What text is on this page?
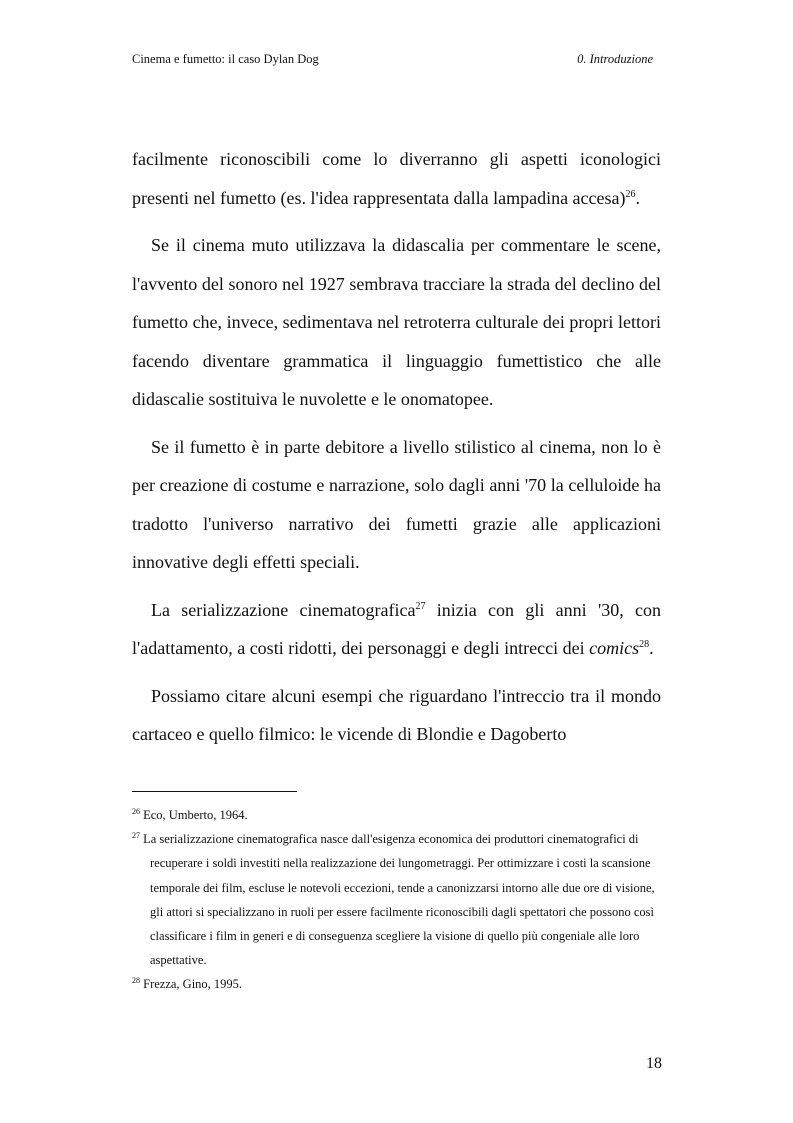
Cinema e fumetto: il caso Dylan Dog	0. Introduzione

facilmente riconoscibili come lo diverranno gli aspetti iconologici presenti nel fumetto (es. l'idea rappresentata dalla lampadina accesa)$^{26}$.

Se il cinema muto utilizzava la didascalia per commentare le scene, l'avvento del sonoro nel 1927 sembrava tracciare la strada del declino del fumetto che, invece, sedimentava nel retroterra culturale dei propri lettori facendo diventare grammatica il linguaggio fumettistico che alle didascalie sostituiva le nuvolette e le onomatopee.

Se il fumetto è in parte debitore a livello stilistico al cinema, non lo è per creazione di costume e narrazione, solo dagli anni '70 la celluloide ha tradotto l'universo narrativo dei fumetti grazie alle applicazioni innovative degli effetti speciali.

La serializzazione cinematografica$^{27}$ inizia con gli anni '30, con l'adattamento, a costi ridotti, dei personaggi e degli intrecci dei comics$^{28}$.

Possiamo citare alcuni esempi che riguardano l'intreccio tra il mondo cartaceo e quello filmico: le vicende di Blondie e Dagoberto

$^{26}$ Eco, Umberto, 1964.

$^{27}$ La serializzazione cinematografica nasce dall'esigenza economica dei produttori cinematografici di recuperare i soldi investiti nella realizzazione dei lungometraggi. Per ottimizzare i costi la scansione temporale dei film, escluse le notevoli eccezioni, tende a canonizzarsi intorno alle due ore di visione, gli attori si specializzano in ruoli per essere facilmente riconoscibili dagli spettatori che possono così classificare i film in generi e di conseguenza scegliere la visione di quello più congeniale alle loro aspettative.

$^{28}$ Frezza, Gino, 1995.

18
